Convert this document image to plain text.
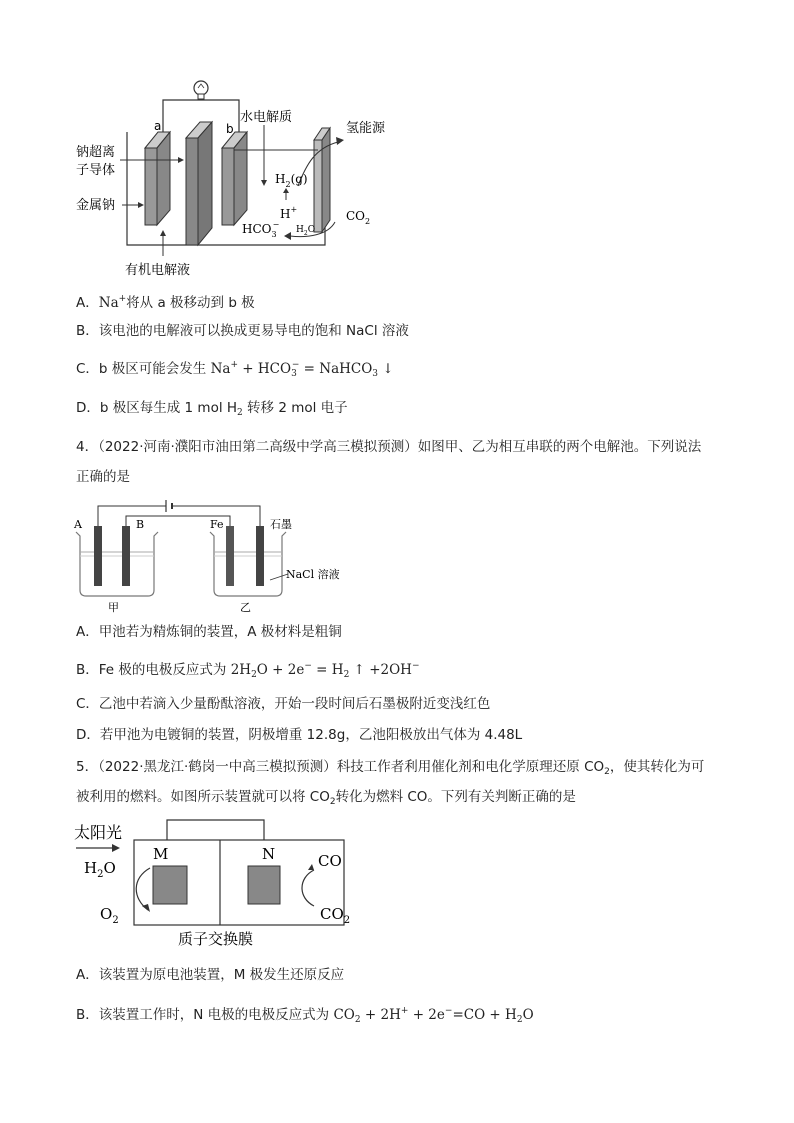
a	b
水电解质
氢能源
钠超离
子导体
金属钠
$H_2(g)$
H+
$HCO_3-$
$H_2O$
$CO_2$
有机电解液
A．Na+将从 a 极移动到 b 极
B．该电池的电解液可以换成更易导电的饱和 NaCl 溶液
C．b 极区可能会发生 $Na^+ + HCO_3^-$ = NaHCO$_3$ ↓
D．b 极区每生成 1 mol $H_2$ 转移 2 mol 电子
4．（2022·河南·濮阳市油田第二高级中学高三模拟预测）如图甲、乙为相互串联的两个电解池。下列说法
正确的是
A	B	Fe	石墨
NaCl 溶液
甲	乙
A．甲池若为精炼铜的装置，A 极材料是粗铜
B．Fe 极的电极反应式为 $2H_2O + 2e^- = H_2$ ↑ +2OH−
C．乙池中若滴入少量酚酞溶液，开始一段时间后石墨极附近变浅红色
D．若甲池为电镀铜的装置，阴极增重 12.8g，乙池阳极放出气体为 4.48L
5．（2022·黑龙江·鹤岗一中高三模拟预测）科技工作者利用催化剂和电化学原理还原 $CO_2$，使其转化为可
被利用的燃料。如图所示装置就可以将 $CO_2$转化为燃料 CO。下列有关判断正确的是
太阳光
M	N
$H_2O$
$O_2$
CO
$CO_2$
质子交换膜
A．该装置为原电池装置，M 极发生还原反应
B．该装置工作时，N 电极的电极反应式为 $CO_2 + 2H^+ + 2e^-=CO + H_2O$
